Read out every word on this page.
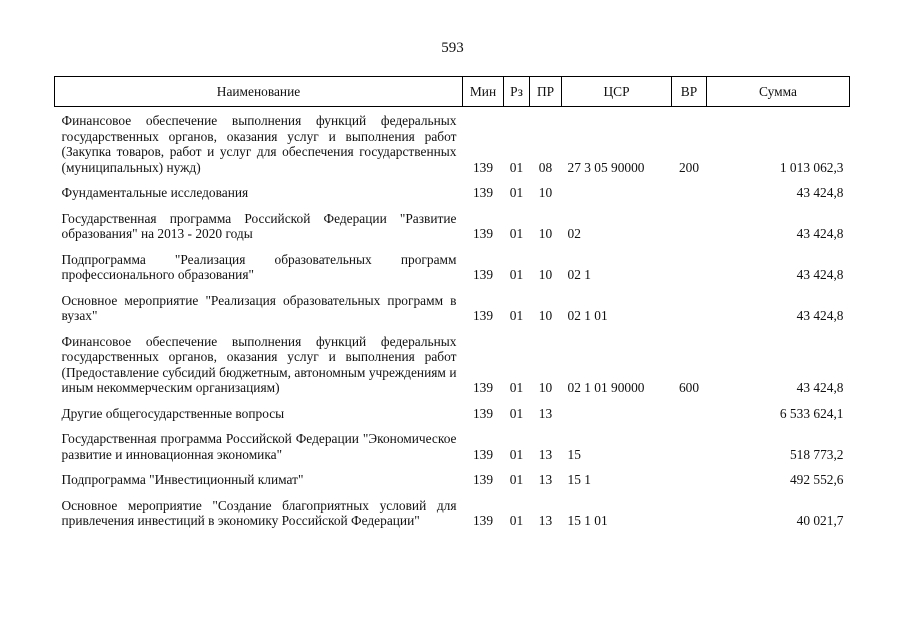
593
Наименование	Мин	Рз	ПР	ЦСР	ВР	Сумма
Финансовое обеспечение выполнения функций федеральных государственных органов, оказания услуг и выполнения работ (Закупка товаров, работ и услуг для обеспечения государственных (муниципальных) нужд)	139	01	08	27 3 05 90000	200	1 013 062,3
Фундаментальные исследования	139	01	10			43 424,8
Государственная программа Российской Федерации "Развитие образования" на 2013 - 2020 годы	139	01	10	02		43 424,8
Подпрограмма "Реализация образовательных программ профессионального образования"	139	01	10	02 1		43 424,8
Основное мероприятие "Реализация образовательных программ в вузах"	139	01	10	02 1 01		43 424,8
Финансовое обеспечение выполнения функций федеральных государственных органов, оказания услуг и выполнения работ (Предоставление субсидий бюджетным, автономным учреждениям и иным некоммерческим организациям)	139	01	10	02 1 01 90000	600	43 424,8
Другие общегосударственные вопросы	139	01	13			6 533 624,1
Государственная программа Российской Федерации "Экономическое развитие и инновационная экономика"	139	01	13	15		518 773,2
Подпрограмма "Инвестиционный климат"	139	01	13	15 1		492 552,6
Основное мероприятие "Создание благоприятных условий для привлечения инвестиций в экономику Российской Федерации"	139	01	13	15 1 01		40 021,7
